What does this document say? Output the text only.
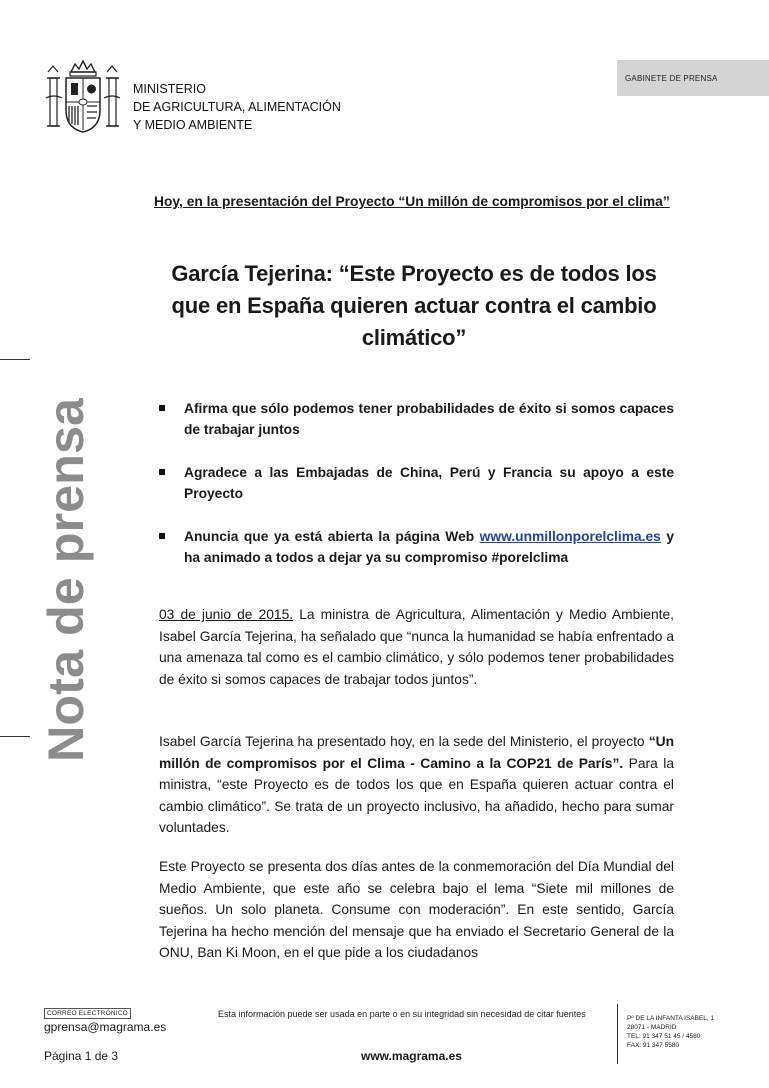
MINISTERIO
DE AGRICULTURA, ALIMENTACIÓN
Y MEDIO AMBIENTE
GABINETE DE PRENSA
Nota de prensa
Hoy, en la presentación del Proyecto “Un millón de compromisos por el clima”
García Tejerina: “Este Proyecto es de todos los que en España quieren actuar contra el cambio climático”
Afirma que sólo podemos tener probabilidades de éxito si somos capaces de trabajar juntos
Agradece a las Embajadas de China, Perú y Francia su apoyo a este Proyecto
Anuncia que ya está abierta la página Web www.unmillonporelclima.es y ha animado a todos a dejar ya su compromiso #porelclima
03 de junio de 2015. La ministra de Agricultura, Alimentación y Medio Ambiente, Isabel García Tejerina, ha señalado que “nunca la humanidad se había enfrentado a una amenaza tal como es el cambio climático, y sólo podemos tener probabilidades de éxito si somos capaces de trabajar todos juntos”.
Isabel García Tejerina ha presentado hoy, en la sede del Ministerio, el proyecto “Un millón de compromisos por el Clima - Camino a la COP21 de París”. Para la ministra, “este Proyecto es de todos los que en España quieren actuar contra el cambio climático”. Se trata de un proyecto inclusivo, ha añadido, hecho para sumar voluntades.
Este Proyecto se presenta dos días antes de la conmemoración del Día Mundial del Medio Ambiente, que este año se celebra bajo el lema “Siete mil millones de sueños. Un solo planeta. Consume con moderación”. En este sentido, García Tejerina ha hecho mención del mensaje que ha enviado el Secretario General de la ONU, Ban Ki Moon, en el que pide a los ciudadanos
CORREO ELECTRÓNICO
gprensa@magrama.es
Esta información puede ser usada en parte o en su integridad sin necesidad de citar fuentes	Pº DE LA INFANTA ISABEL, 1
28071 - MADRID
TEL: 91 347 51 45 / 4580
FAX: 91 347 5580
Página 1 de 3	www.magrama.es
